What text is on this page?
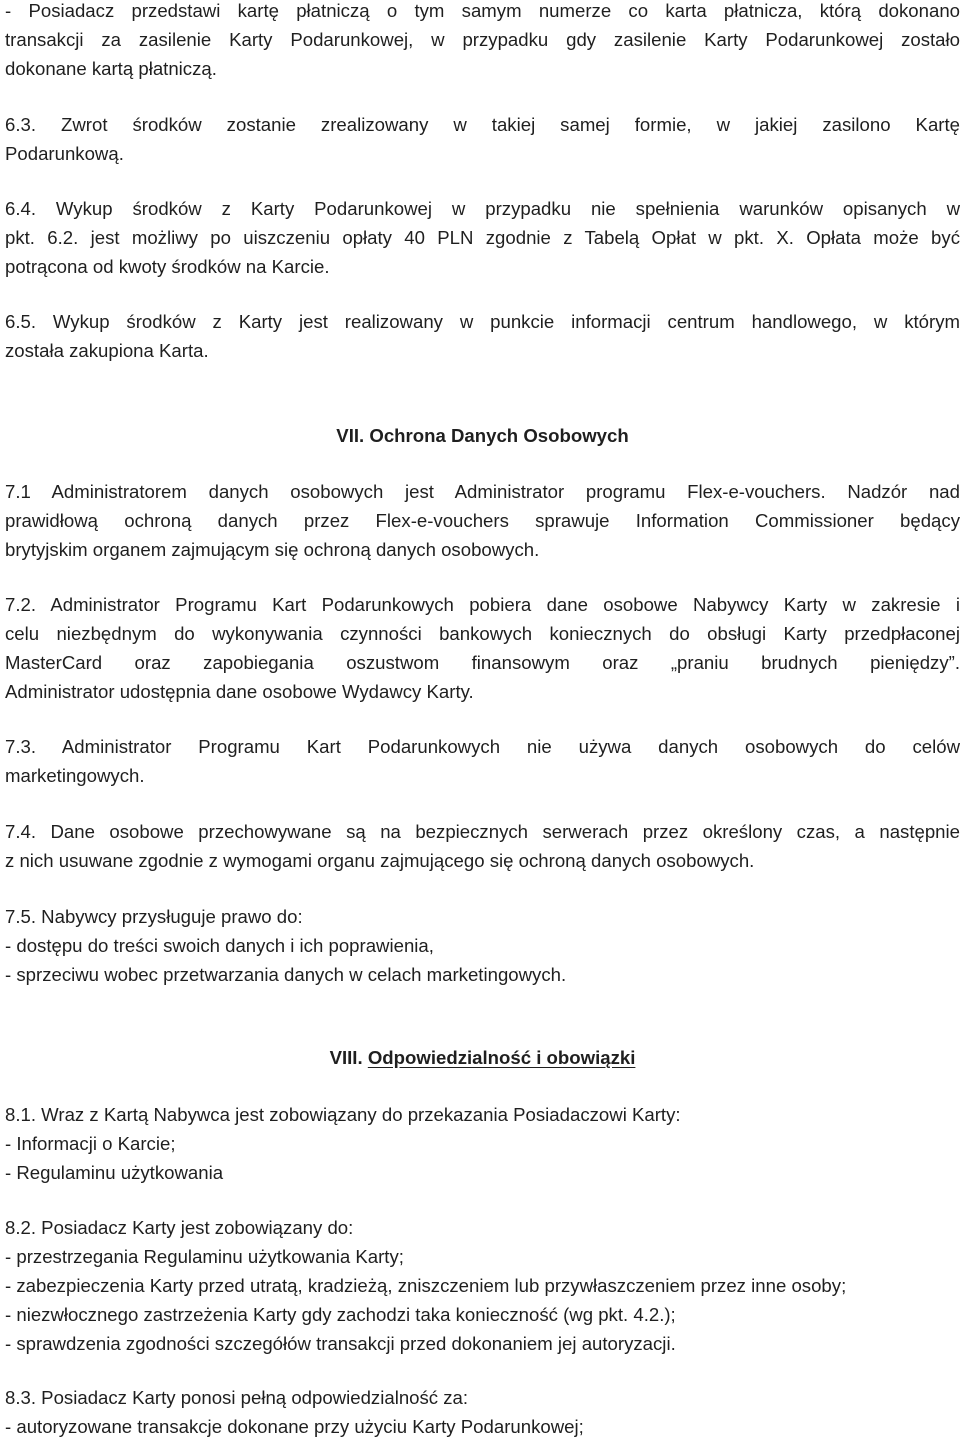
- Posiadacz przedstawi kartę płatniczą o tym samym numerze co karta płatnicza, którą dokonano
transakcji za zasilenie Karty Podarunkowej, w przypadku gdy zasilenie Karty Podarunkowej zostało
dokonane kartą płatniczą.
6.3. Zwrot środków zostanie zrealizowany w takiej samej formie, w jakiej zasilono Kartę
Podarunkową.
6.4. Wykup środków z Karty Podarunkowej w przypadku nie spełnienia warunków opisanych w
pkt. 6.2. jest możliwy po uiszczeniu opłaty 40 PLN zgodnie z Tabelą Opłat w pkt. X. Opłata może być
potrącona od kwoty środków na Karcie.
6.5. Wykup środków z Karty jest realizowany w punkcie informacji centrum handlowego, w którym
została zakupiona Karta.
VII. Ochrona Danych Osobowych
7.1 Administratorem danych osobowych jest Administrator programu Flex-e-vouchers. Nadzór nad
prawidłową ochroną danych przez Flex-e-vouchers sprawuje Information Commissioner będący
brytyjskim organem zajmującym się ochroną danych osobowych.
7.2. Administrator Programu Kart Podarunkowych pobiera dane osobowe Nabywcy Karty w zakresie i
celu niezbędnym do wykonywania czynności bankowych koniecznych do obsługi Karty przedpłaconej
MasterCard oraz zapobiegania oszustwom finansowym oraz „praniu brudnych pieniędzy”.
Administrator udostępnia dane osobowe Wydawcy Karty.
7.3. Administrator Programu Kart Podarunkowych nie używa danych osobowych do celów
marketingowych.
7.4. Dane osobowe przechowywane są na bezpiecznych serwerach przez określony czas, a następnie
z nich usuwane zgodnie z wymogami organu zajmującego się ochroną danych osobowych.
7.5. Nabywcy przysługuje prawo do:
- dostępu do treści swoich danych i ich poprawienia,
- sprzeciwu wobec przetwarzania danych w celach marketingowych.
VIII. Odpowiedzialność i obowiązki
8.1. Wraz z Kartą Nabywca jest zobowiązany do przekazania Posiadaczowi Karty:
- Informacji o Karcie;
- Regulaminu użytkowania
8.2. Posiadacz Karty jest zobowiązany do:
- przestrzegania Regulaminu użytkowania Karty;
- zabezpieczenia Karty przed utratą, kradzieżą, zniszczeniem lub przywłaszczeniem przez inne osoby;
- niezwłocznego zastrzeżenia Karty gdy zachodzi taka konieczność (wg pkt. 4.2.);
- sprawdzenia zgodności szczegółów transakcji przed dokonaniem jej autoryzacji.
8.3. Posiadacz Karty ponosi pełną odpowiedzialność za:
- autoryzowane transakcje dokonane przy użyciu Karty Podarunkowej;
